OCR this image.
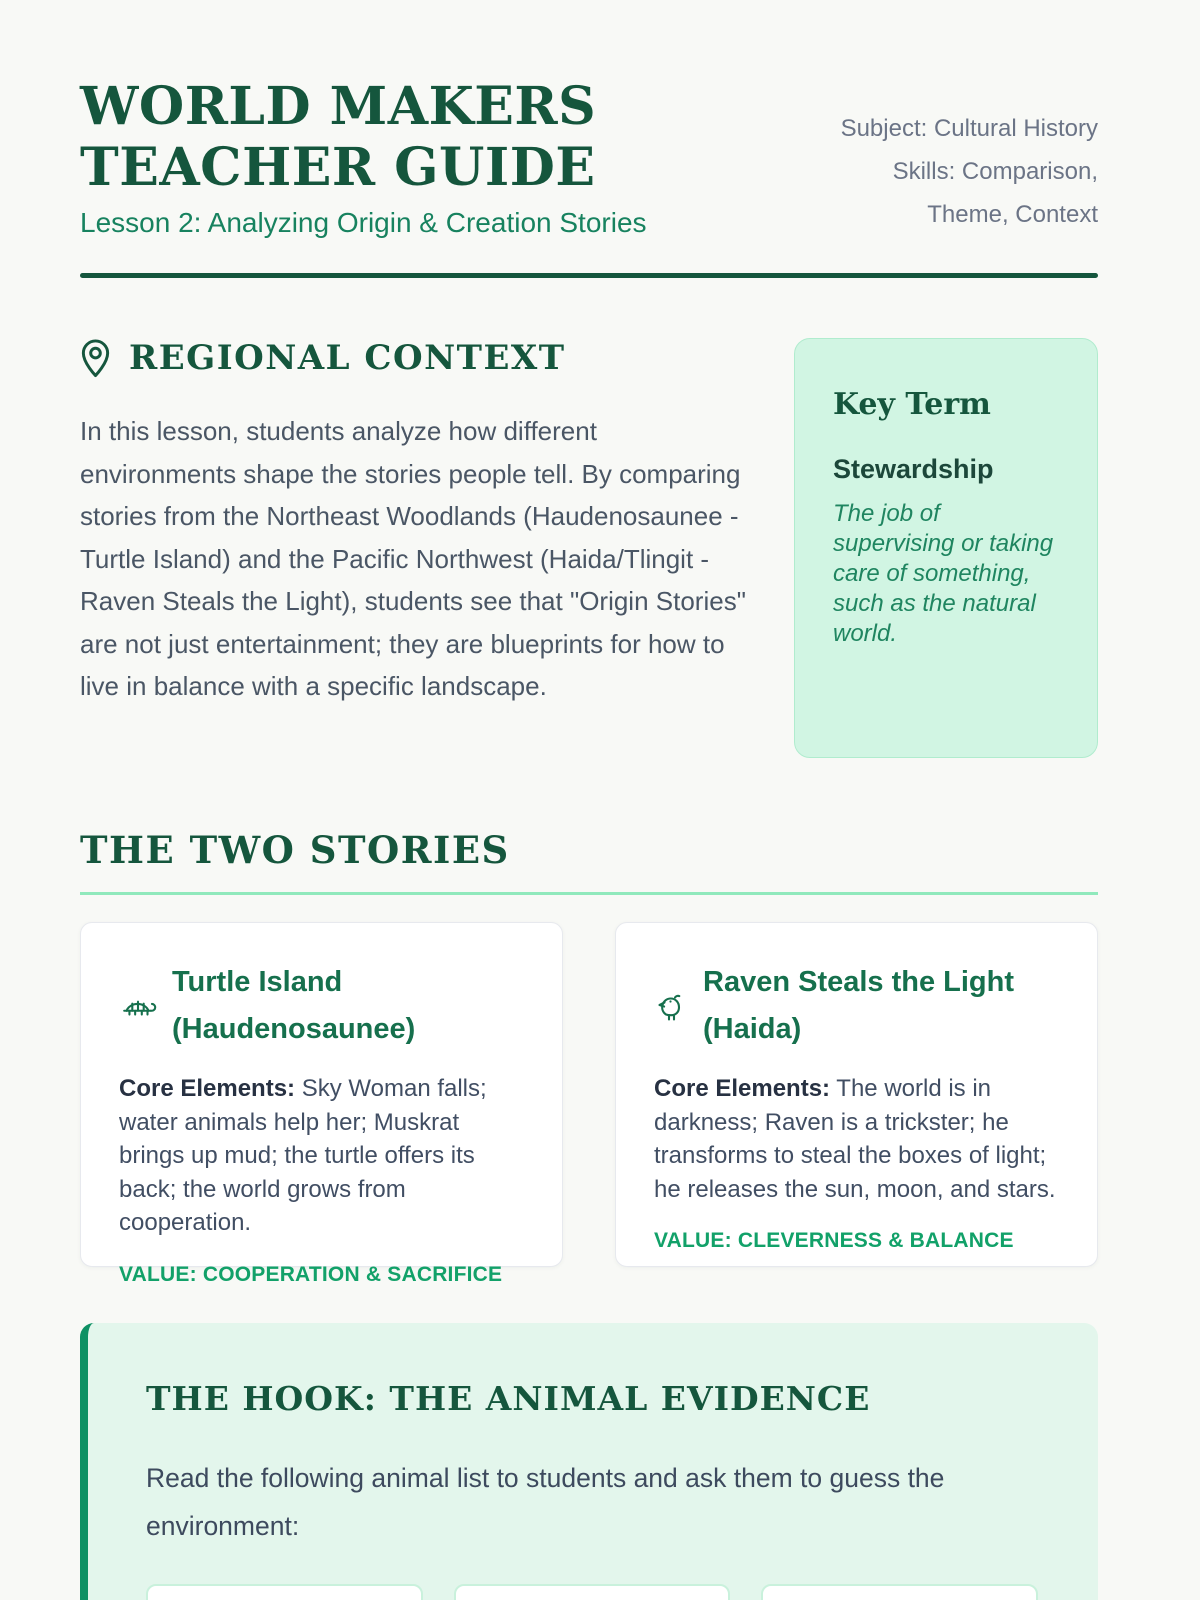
WORLD MAKERS
TEACHER GUIDE
Lesson 2: Analyzing Origin & Creation Stories
Subject: Cultural History
Skills: Comparison,
Theme, Context
REGIONAL CONTEXT

In this lesson, students analyze how different environments shape the stories people tell. By comparing stories from the Northeast Woodlands (Haudenosaunee - Turtle Island) and the Pacific Northwest (Haida/Tlingit - Raven Steals the Light), students see that "Origin Stories" are not just entertainment; they are blueprints for how to live in balance with a specific landscape.

Key Term
Stewardship
The job of supervising or taking care of something, such as the natural world.
THE TWO STORIES
Turtle Island (Haudenosaunee)

Core Elements: Sky Woman falls; water animals help her; Muskrat brings up mud; the turtle offers its back; the world grows from cooperation.

VALUE: COOPERATION & SACRIFICE
Raven Steals the Light (Haida)

Core Elements: The world is in darkness; Raven is a trickster; he transforms to steal the boxes of light; he releases the sun, moon, and stars.

VALUE: CLEVERNESS & BALANCE
THE HOOK: THE ANIMAL EVIDENCE

Read the following animal list to students and ask them to guess the environment:
